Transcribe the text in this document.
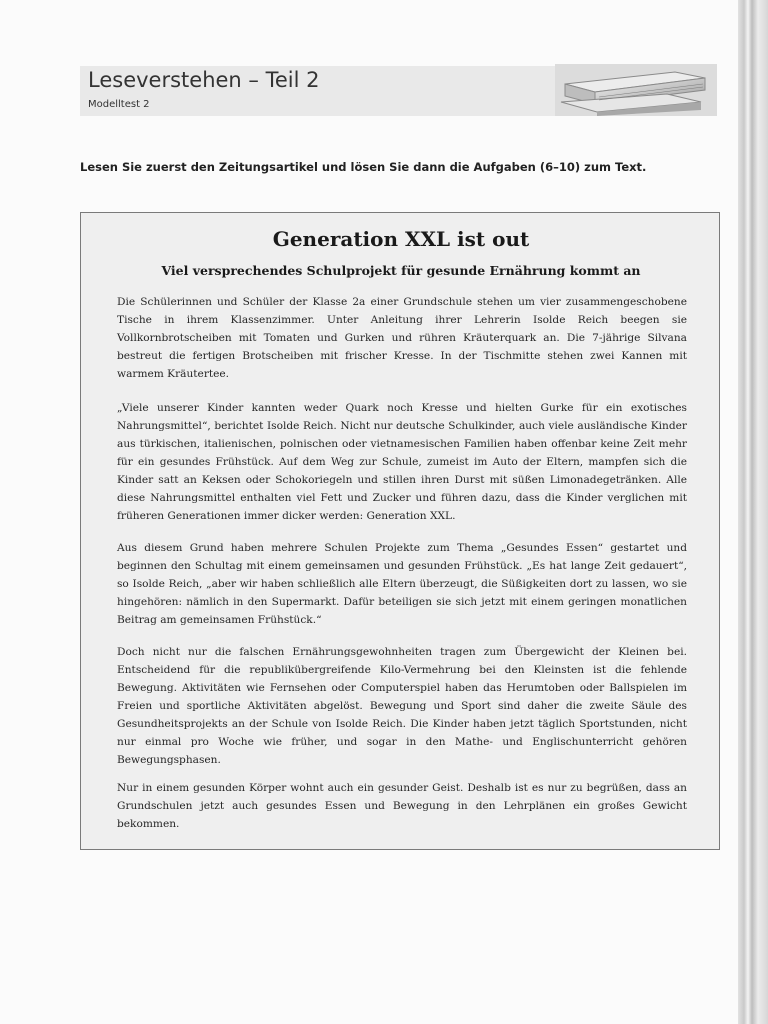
Leseverstehen – Teil 2
Modelltest 2
Lesen Sie zuerst den Zeitungsartikel und lösen Sie dann die Aufgaben (6–10) zum Text.
Generation XXL ist out
Viel versprechendes Schulprojekt für gesunde Ernährung kommt an
Die Schülerinnen und Schüler der Klasse 2a einer Grundschule stehen um vier zusammengeschobene Tische in ihrem Klassenzimmer. Unter Anleitung ihrer Lehrerin Isolde Reich beegen sie Vollkornbrotscheiben mit Tomaten und Gurken und rühren Kräuterquark an. Die 7-jährige Silvana bestreut die fertigen Brotscheiben mit frischer Kresse. In der Tischmitte stehen zwei Kannen mit warmem Kräutertee.
„Viele unserer Kinder kannten weder Quark noch Kresse und hielten Gurke für ein exotisches Nahrungsmittel“, berichtet Isolde Reich. Nicht nur deutsche Schulkinder, auch viele ausländische Kinder aus türkischen, italienischen, polnischen oder vietnamesischen Familien haben offenbar keine Zeit mehr für ein gesundes Frühstück. Auf dem Weg zur Schule, zumeist im Auto der Eltern, mampfen sich die Kinder satt an Keksen oder Schokoriegeln und stillen ihren Durst mit süßen Limonadegetränken. Alle diese Nahrungsmittel enthalten viel Fett und Zucker und führen dazu, dass die Kinder verglichen mit früheren Generationen immer dicker werden: Generation XXL.
Aus diesem Grund haben mehrere Schulen Projekte zum Thema „Gesundes Essen“ gestartet und beginnen den Schultag mit einem gemeinsamen und gesunden Frühstück. „Es hat lange Zeit gedauert“, so Isolde Reich, „aber wir haben schließlich alle Eltern überzeugt, die Süßigkeiten dort zu lassen, wo sie hingehören: nämlich in den Supermarkt. Dafür beteiligen sie sich jetzt mit einem geringen monatlichen Beitrag am gemeinsamen Frühstück.“
Doch nicht nur die falschen Ernährungsgewohnheiten tragen zum Übergewicht der Kleinen bei. Entscheidend für die republikübergreifende Kilo-Vermehrung bei den Kleinsten ist die fehlende Bewegung. Aktivitäten wie Fernsehen oder Computerspiel haben das Herumtoben oder Ballspielen im Freien und sportliche Aktivitäten abgelöst. Bewegung und Sport sind daher die zweite Säule des Gesundheitsprojekts an der Schule von Isolde Reich. Die Kinder haben jetzt täglich Sportstunden, nicht nur einmal pro Woche wie früher, und sogar in den Mathe- und Englischunterricht gehören Bewegungsphasen.
Nur in einem gesunden Körper wohnt auch ein gesunder Geist. Deshalb ist es nur zu begrüßen, dass an Grundschulen jetzt auch gesundes Essen und Bewegung in den Lehrplänen ein großes Gewicht bekommen.
